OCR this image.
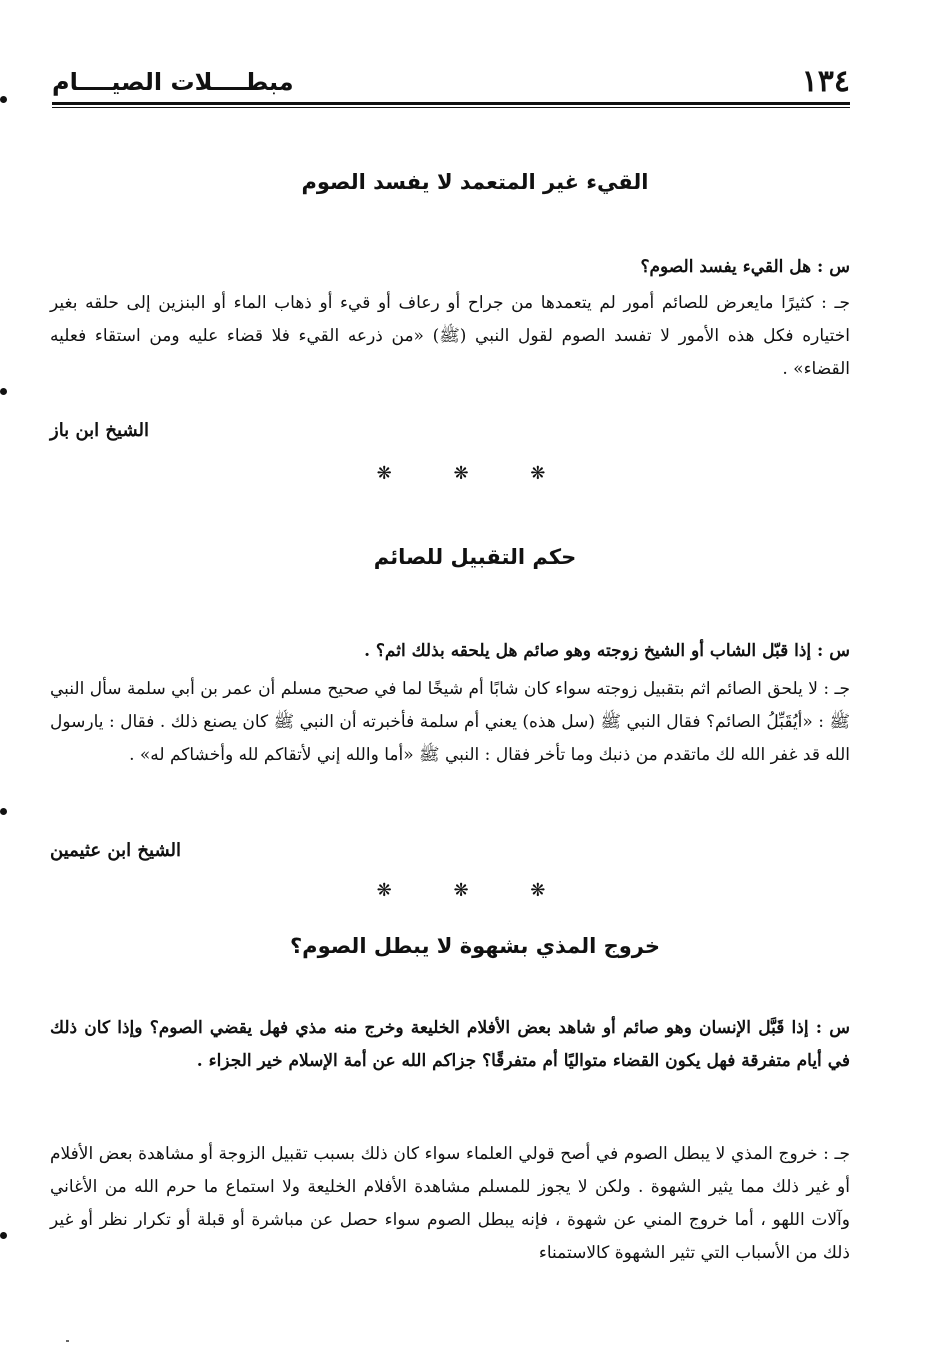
١٣٤
مبطــــلات الصيــــام
القيء غير المتعمد لا يفسد الصوم
س : هل القيء يفسد الصوم؟
جـ : كثيرًا مايعرض للصائم أمور لم يتعمدها من جراح أو رعاف أو قيء أو ذهاب الماء أو البنزين إلى حلقه بغير اختياره فكل هذه الأمور لا تفسد الصوم لقول النبي (ﷺ) «من ذرعه القيء فلا قضاء عليه ومن استقاء فعليه القضاء» .
الشيخ ابن باز
❋ ❋ ❋
حكم التقبيل للصائم
س : إذا قبّل الشاب أو الشيخ زوجته وهو صائم هل يلحقه بذلك اثم؟ .
جـ : لا يلحق الصائم اثم بتقبيل زوجته سواء كان شابًا أم شيخًا لما في صحيح مسلم أن عمر بن أبي سلمة سأل النبي ﷺ : «أيُقَبِّلُ الصائم؟ فقال النبي ﷺ (سل هذه) يعني أم سلمة فأخبرته أن النبي ﷺ كان يصنع ذلك . فقال : يارسول الله قد غفر الله لك ماتقدم من ذنبك وما تأخر فقال : النبي ﷺ «أما والله إني لأتقاكم لله وأخشاكم له» .
الشيخ ابن عثيمين
❋ ❋ ❋
خروج المذي بشهوة لا يبطل الصوم؟
س : إذا قَبَّل الإنسان وهو صائم أو شاهد بعض الأفلام الخليعة وخرج منه مذي فهل يقضي الصوم؟ وإذا كان ذلك في أيام متفرقة فهل يكون القضاء متواليًا أم متفرقًا؟ جزاكم الله عن أمة الإسلام خير الجزاء .
جـ : خروج المذي لا يبطل الصوم في أصح قولي العلماء سواء كان ذلك بسبب تقبيل الزوجة أو مشاهدة بعض الأفلام أو غير ذلك مما يثير الشهوة . ولكن لا يجوز للمسلم مشاهدة الأفلام الخليعة ولا استماع ما حرم الله من الأغاني وآلات اللهو ، أما خروج المني عن شهوة ، فإنه يبطل الصوم سواء حصل عن مباشرة أو قبلة أو تكرار نظر أو غير ذلك من الأسباب التي تثير الشهوة كالاستمناء
